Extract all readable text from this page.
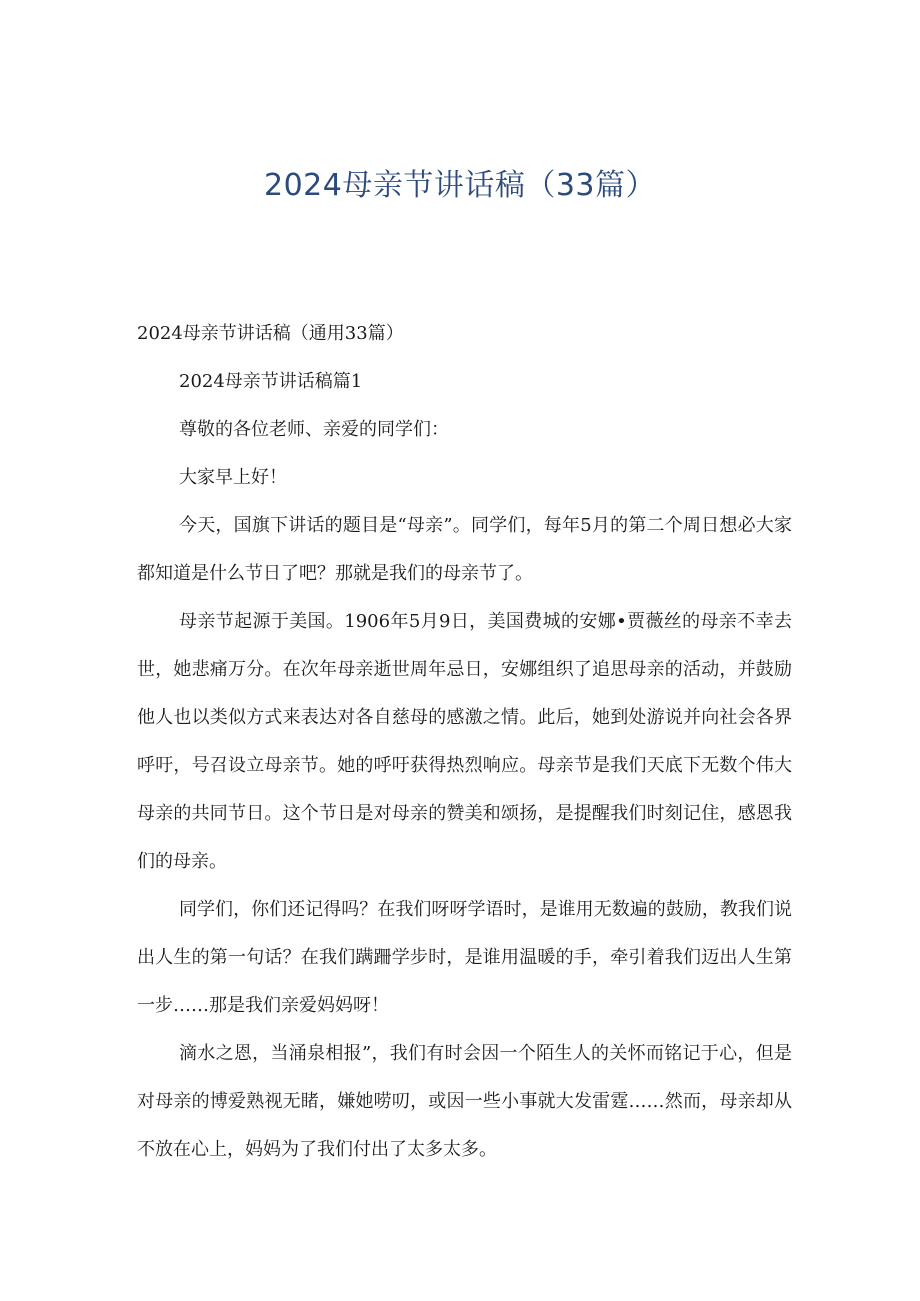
2024母亲节讲话稿（33篇）

2024母亲节讲话稿（通用33篇）

2024母亲节讲话稿篇1

尊敬的各位老师、亲爱的同学们：

大家早上好！

今天，国旗下讲话的题目是“母亲”。同学们，每年5月的第二个周日想必大家都知道是什么节日了吧？那就是我们的母亲节了。

母亲节起源于美国。1906年5月9日，美国费城的安娜•贾薇丝的母亲不幸去世，她悲痛万分。在次年母亲逝世周年忌日，安娜组织了追思母亲的活动，并鼓励他人也以类似方式来表达对各自慈母的感激之情。此后，她到处游说并向社会各界呼吁，号召设立母亲节。她的呼吁获得热烈响应。母亲节是我们天底下无数个伟大母亲的共同节日。这个节日是对母亲的赞美和颂扬，是提醒我们时刻记住，感恩我们的母亲。

同学们，你们还记得吗？在我们呀呀学语时，是谁用无数遍的鼓励，教我们说出人生的第一句话？在我们蹒跚学步时，是谁用温暖的手，牵引着我们迈出人生第一步……那是我们亲爱妈妈呀！

滴水之恩，当涌泉相报”，我们有时会因一个陌生人的关怀而铭记于心，但是对母亲的博爱熟视无睹，嫌她唠叨，或因一些小事就大发雷霆……然而，母亲却从不放在心上，妈妈为了我们付出了太多太多。
